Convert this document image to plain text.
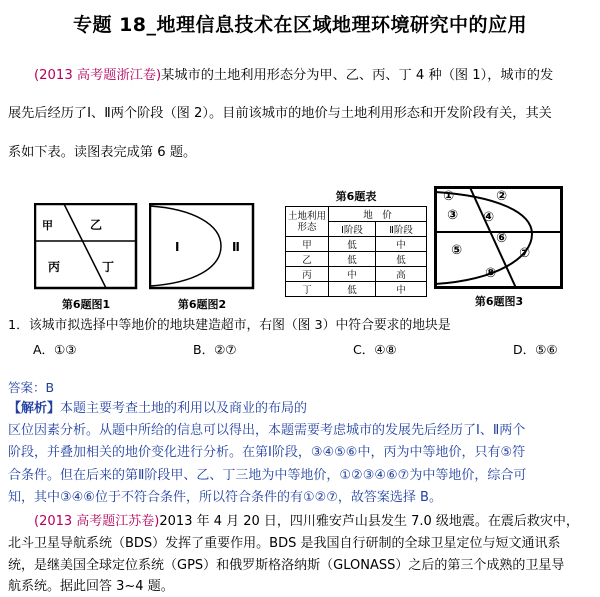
专题 18_地理信息技术在区域地理环境研究中的应用
(2013 高考题浙江卷)某城市的土地利用形态分为甲、乙、丙、丁 4 种（图 1），城市的发
展先后经历了Ⅰ、Ⅱ两个阶段（图 2）。目前该城市的地价与土地利用形态和开发阶段有关，其关
系如下表。读图表完成第 6 题。
甲	乙
丙	丁
第6题图1
Ⅰ	Ⅱ
第6题图2
第6题表
土地利用形态	地　价	
	Ⅰ阶段	Ⅱ阶段
甲	低	中
乙	低	低
丙	中	高
丁	低	中
①	②
③ ④
⑤
⑥
⑦
⑧
第6题图3
1．该城市拟选择中等地价的地块建造超市，右图（图 3）中符合要求的地块是
A．①③	B．②⑦	C．④⑧	D．⑤⑥
答案：B
【解析】本题主要考查土地的利用以及商业的布局的
区位因素分析。从题中所给的信息可以得出，本题需要考虑城市的发展先后经历了Ⅰ、Ⅱ两个
阶段，并叠加相关的地价变化进行分析。在第Ⅰ阶段，③④⑤⑥中，丙为中等地价，只有⑤符
合条件。但在后来的第Ⅱ阶段甲、乙、丁三地为中等地价，①②③④⑥⑦为中等地价，综合可
知，其中③④⑥位于不符合条件，所以符合条件的有①②⑦，故答案选择 B。
(2013 高考题江苏卷)2013 年 4 月 20 日，四川雅安芦山县发生 7.0 级地震。在震后救灾中，
北斗卫星导航系统（BDS）发挥了重要作用。BDS 是我国自行研制的全球卫星定位与短文通讯系
统，是继美国全球定位系统（GPS）和俄罗斯格洛纳斯（GLONASS）之后的第三个成熟的卫星导
航系统。据此回答 3~4 题。
